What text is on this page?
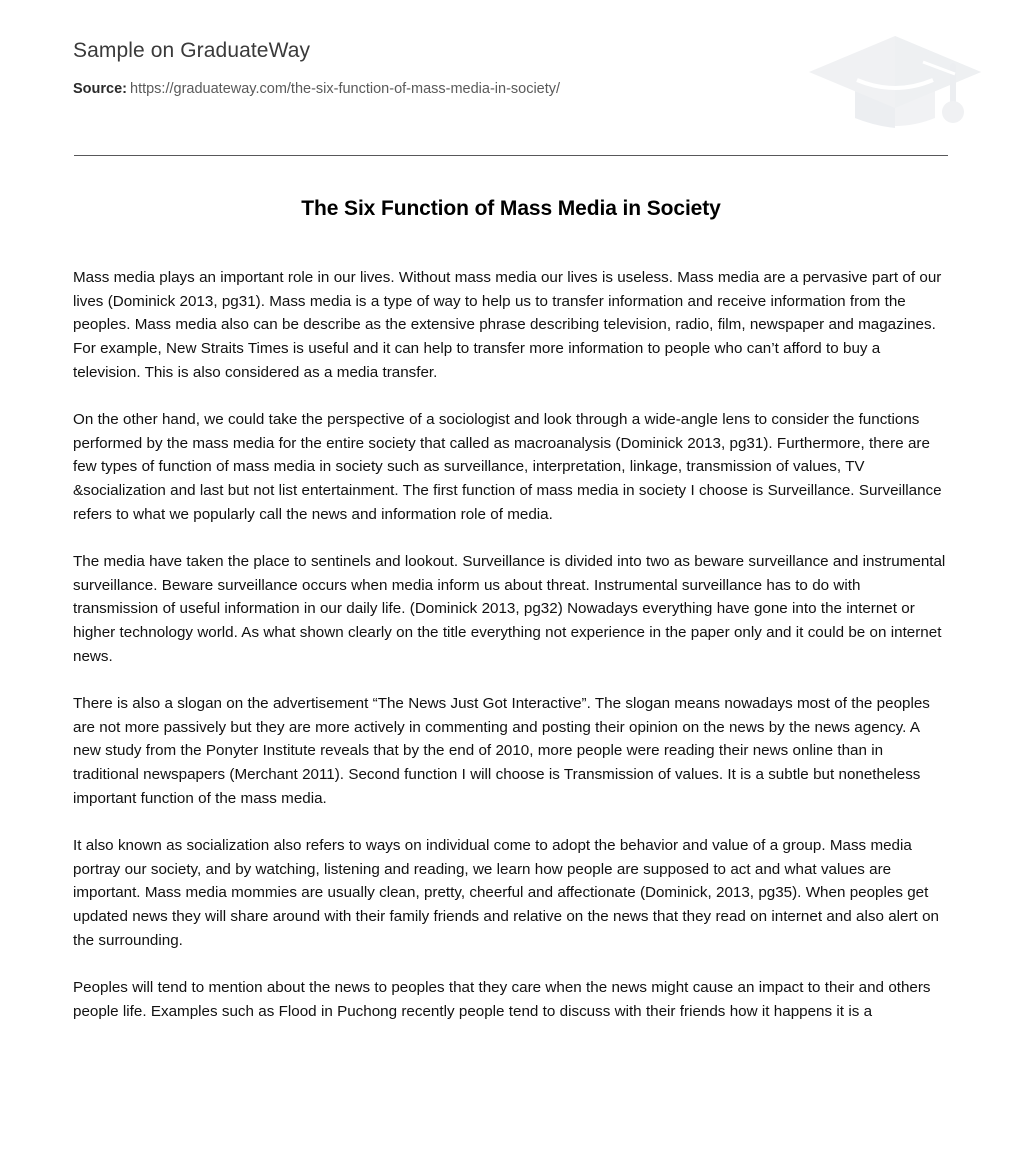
Sample on GraduateWay
Source: https://graduateway.com/the-six-function-of-mass-media-in-society/
The Six Function of Mass Media in Society

Mass media plays an important role in our lives. Without mass media our lives is useless. Mass media are a pervasive part of our lives (Dominick 2013, pg31). Mass media is a type of way to help us to transfer information and receive information from the peoples. Mass media also can be describe as the extensive phrase describing television, radio, film, newspaper and magazines. For example, New Straits Times is useful and it can help to transfer more information to people who can’t afford to buy a television. This is also considered as a media transfer.

On the other hand, we could take the perspective of a sociologist and look through a wide-angle lens to consider the functions performed by the mass media for the entire society that called as macroanalysis (Dominick 2013, pg31). Furthermore, there are few types of function of mass media in society such as surveillance, interpretation, linkage, transmission of values, TV &socialization and last but not list entertainment. The first function of mass media in society I choose is Surveillance. Surveillance refers to what we popularly call the news and information role of media.

The media have taken the place to sentinels and lookout. Surveillance is divided into two as beware surveillance and instrumental surveillance. Beware surveillance occurs when media inform us about threat. Instrumental surveillance has to do with transmission of useful information in our daily life. (Dominick 2013, pg32) Nowadays everything have gone into the internet or higher technology world. As what shown clearly on the title everything not experience in the paper only and it could be on internet news.

There is also a slogan on the advertisement “The News Just Got Interactive”. The slogan means nowadays most of the peoples are not more passively but they are more actively in commenting and posting their opinion on the news by the news agency. A new study from the Ponyter Institute reveals that by the end of 2010, more people were reading their news online than in traditional newspapers (Merchant 2011). Second function I will choose is Transmission of values. It is a subtle but nonetheless important function of the mass media.

It also known as socialization also refers to ways on individual come to adopt the behavior and value of a group. Mass media portray our society, and by watching, listening and reading, we learn how people are supposed to act and what values are important. Mass media mommies are usually clean, pretty, cheerful and affectionate (Dominick, 2013, pg35). When peoples get updated news they will share around with their family friends and relative on the news that they read on internet and also alert on the surrounding.

Peoples will tend to mention about the news to peoples that they care when the news might cause an impact to their and others people life. Examples such as Flood in Puchong recently people tend to discuss with their friends how it happens it is a
